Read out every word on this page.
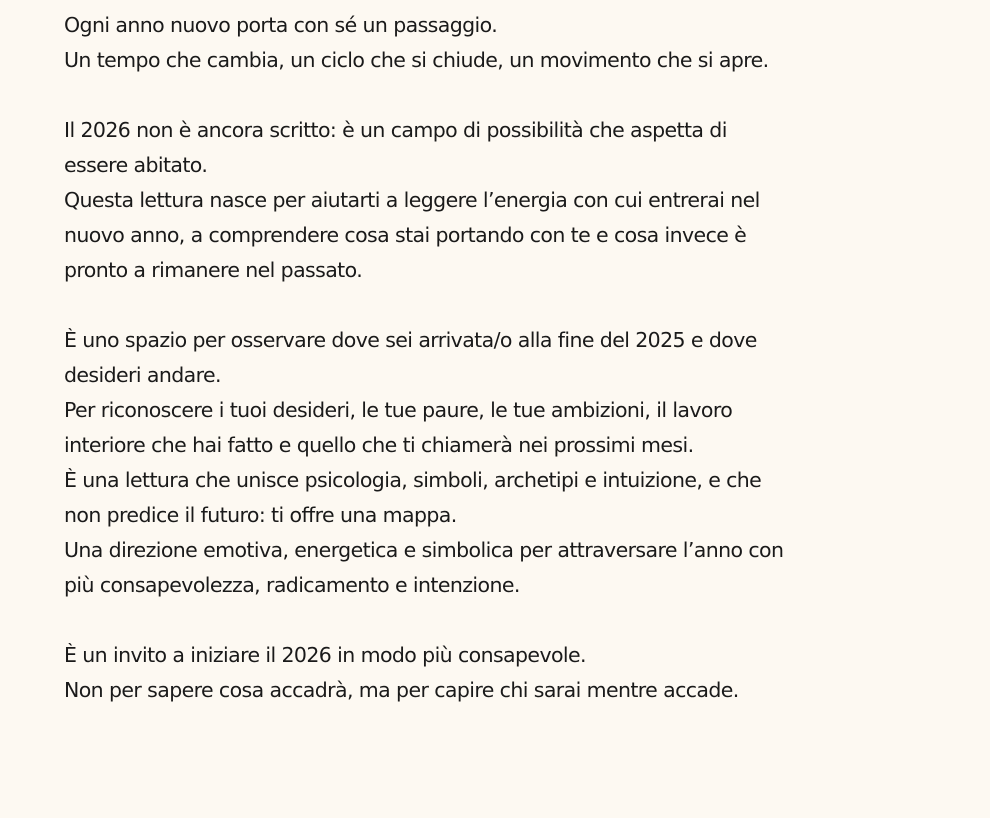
Ogni anno nuovo porta con sé un passaggio.
Un tempo che cambia, un ciclo che si chiude, un movimento che si apre.

Il 2026 non è ancora scritto: è un campo di possibilità che aspetta di
essere abitato.
Questa lettura nasce per aiutarti a leggere l’energia con cui entrerai nel
nuovo anno, a comprendere cosa stai portando con te e cosa invece è
pronto a rimanere nel passato.

È uno spazio per osservare dove sei arrivata/o alla fine del 2025 e dove
desideri andare.
Per riconoscere i tuoi desideri, le tue paure, le tue ambizioni, il lavoro
interiore che hai fatto e quello che ti chiamerà nei prossimi mesi.
È una lettura che unisce psicologia, simboli, archetipi e intuizione, e che
non predice il futuro: ti offre una mappa.
Una direzione emotiva, energetica e simbolica per attraversare l’anno con
più consapevolezza, radicamento e intenzione.

È un invito a iniziare il 2026 in modo più consapevole.
Non per sapere cosa accadrà, ma per capire chi sarai mentre accade.
